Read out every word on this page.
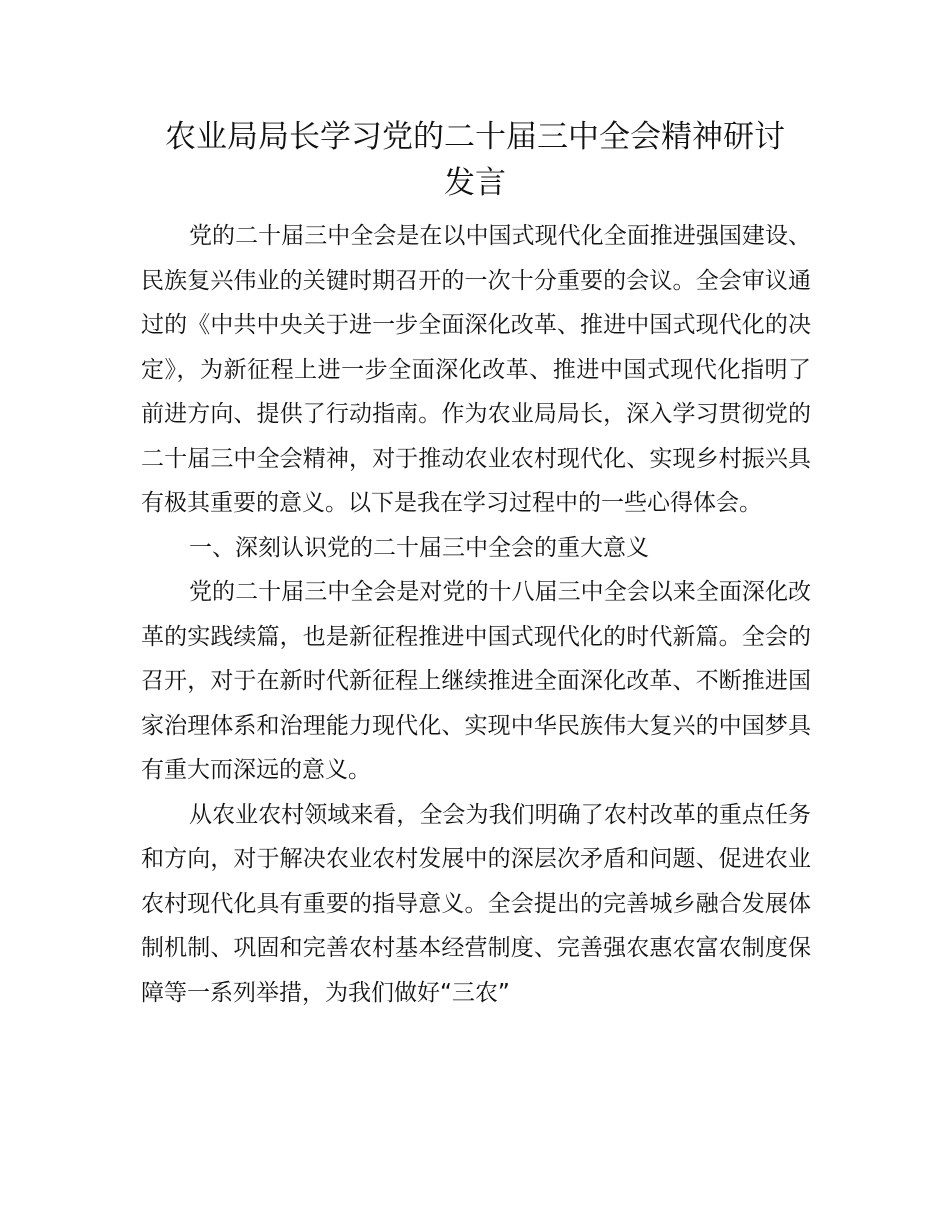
农业局局长学习党的二十届三中全会精神研讨
发言

党的二十届三中全会是在以中国式现代化全面推进强国建设、民族复兴伟业的关键时期召开的一次十分重要的会议。全会审议通过的《中共中央关于进一步全面深化改革、推进中国式现代化的决定》，为新征程上进一步全面深化改革、推进中国式现代化指明了前进方向、提供了行动指南。作为农业局局长，深入学习贯彻党的二十届三中全会精神，对于推动农业农村现代化、实现乡村振兴具有极其重要的意义。以下是我在学习过程中的一些心得体会。

一、深刻认识党的二十届三中全会的重大意义

党的二十届三中全会是对党的十八届三中全会以来全面深化改革的实践续篇，也是新征程推进中国式现代化的时代新篇。全会的召开，对于在新时代新征程上继续推进全面深化改革、不断推进国家治理体系和治理能力现代化、实现中华民族伟大复兴的中国梦具有重大而深远的意义。

从农业农村领域来看，全会为我们明确了农村改革的重点任务和方向，对于解决农业农村发展中的深层次矛盾和问题、促进农业农村现代化具有重要的指导意义。全会提出的完善城乡融合发展体制机制、巩固和完善农村基本经营制度、完善强农惠农富农制度保障等一系列举措，为我们做好“三农”
